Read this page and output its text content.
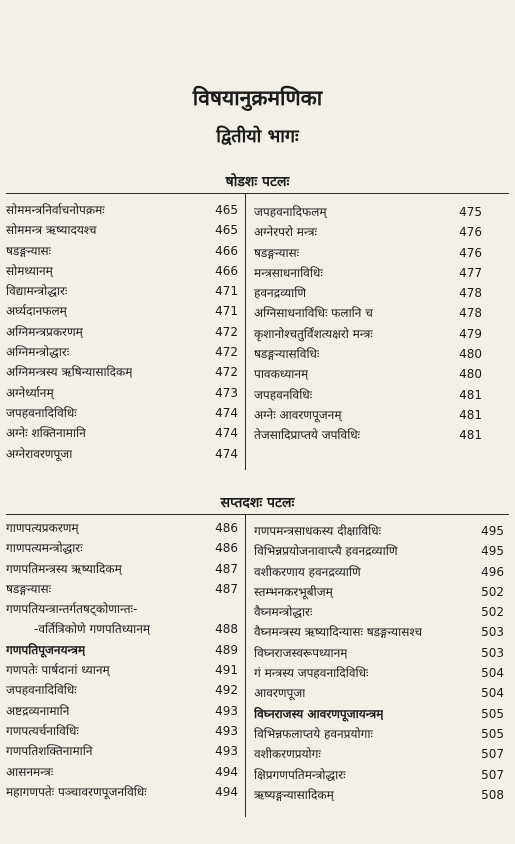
विषयानुक्रमणिका
द्वितीयो भागः
षोडशः पटलः
सोममन्त्रनिर्वाचनोपक्रमः	465
सोममन्त्र ऋष्यादयश्च	465
षडङ्गन्यासः	466
सोमध्यानम्	466
विद्यामन्त्रोद्धारः	471
अर्घ्यदानफलम्	471
अग्निमन्त्रप्रकरणम्	472
अग्निमन्त्रोद्धारः	472
अग्निमन्त्रस्य ऋषिन्यासादिकम्	472
अग्नेर्ध्यानम्	473
जपहवनादिविधिः	474
अग्नेः शक्तिनामानि	474
अग्नेरावरणपूजा	474
जपहवनादिफलम्	475
अग्नेरपरो मन्त्रः	476
षडङ्गन्यासः	476
मन्त्रसाधनाविधिः	477
हवनद्रव्याणि	478
अग्निसाधनाविधिः फलानि च	478
कृशानोश्चतुर्विंशत्यक्षरो मन्त्रः	479
षडङ्गन्यासविधिः	480
पावकध्यानम्	480
जपहवनविधिः	481
अग्नेः आवरणपूजनम्	481
तेजसादिप्राप्तये जपविधिः	481
सप्तदशः पटलः
गाणपत्यप्रकरणम्	486
गाणपत्यमन्त्रोद्धारः	486
गणपतिमन्त्रस्य ऋष्यादिकम्	487
षडङ्गन्यासः	487
गणपतियन्त्रान्तर्गतषट्कोणान्तः-
-वर्तित्रिकोणे गणपतिध्यानम्	488
गणपतिपूजनयन्त्रम्	489
गणपतेः पार्षदानां ध्यानम्	491
जपहवनादिविधिः	492
अष्टद्रव्यनामानि	493
गणपत्यर्चनाविधिः	493
गणपतिशक्तिनामानि	493
आसनमन्त्रः	494
महागणपतेः पञ्चावरणपूजनविधिः	494
गणपमन्त्रसाधकस्य दीक्षाविधिः	495
विभिन्नप्रयोजनावाप्त्यै हवनद्रव्याणि	495
वशीकरणाय हवनद्रव्याणि	496
स्तम्भनकरभूबीजम्	502
वैघ्नमन्त्रोद्धारः	502
वैघ्नमन्त्रस्य ऋष्यादिन्यासः षडङ्गन्यासश्च	503
विघ्नराजस्वरूपध्यानम्	503
गं मन्त्रस्य जपहवनादिविधिः	504
आवरणपूजा	504
विघ्नराजस्य आवरणपूजायन्त्रम्	505
विभिन्नफलाप्तये हवनप्रयोगाः	505
वशीकरणप्रयोगः	507
क्षिप्रगणपतिमन्त्रोद्धारः	507
ऋष्यङ्गन्यासादिकम्	508
